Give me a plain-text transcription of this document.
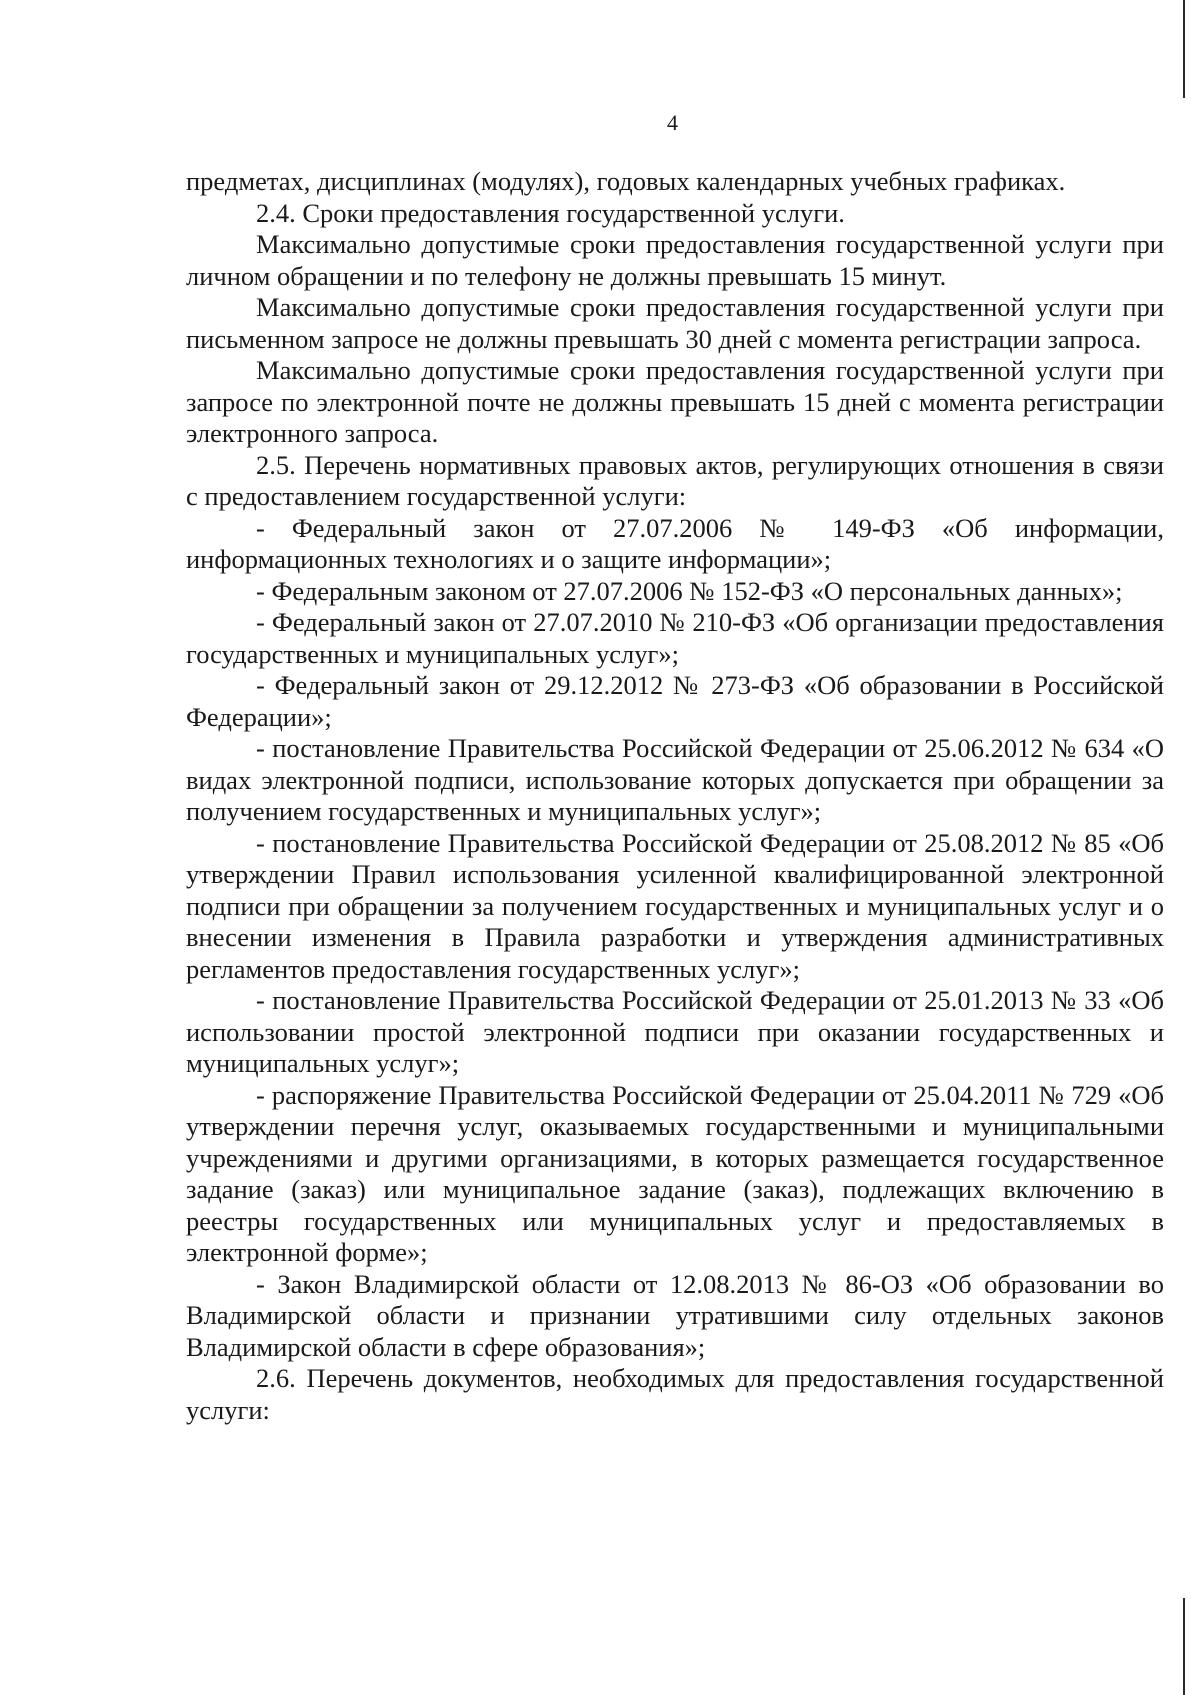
4

предметах, дисциплинах (модулях), годовых календарных учебных графиках.

2.4. Сроки предоставления государственной услуги.

Максимально допустимые сроки предоставления государственной услуги при личном обращении и по телефону не должны превышать 15 минут.

Максимально допустимые сроки предоставления государственной услуги при письменном запросе не должны превышать 30 дней с момента регистрации запроса.

Максимально допустимые сроки предоставления государственной услуги при запросе по электронной почте не должны превышать 15 дней с момента регистрации электронного запроса.

2.5. Перечень нормативных правовых актов, регулирующих отношения в связи с предоставлением государственной услуги:

- Федеральный закон от 27.07.2006 № 149-ФЗ «Об информации, информационных технологиях и о защите информации»;

- Федеральным законом от 27.07.2006 № 152-ФЗ «О персональных данных»;

- Федеральный закон от 27.07.2010 № 210-ФЗ «Об организации предоставления государственных и муниципальных услуг»;

- Федеральный закон от 29.12.2012 № 273-ФЗ «Об образовании в Российской Федерации»;

- постановление Правительства Российской Федерации от 25.06.2012 № 634 «О видах электронной подписи, использование которых допускается при обращении за получением государственных и муниципальных услуг»;

- постановление Правительства Российской Федерации от 25.08.2012 № 85 «Об утверждении Правил использования усиленной квалифицированной электронной подписи при обращении за получением государственных и муниципальных услуг и о внесении изменения в Правила разработки и утверждения административных регламентов предоставления государственных услуг»;

- постановление Правительства Российской Федерации от 25.01.2013 № 33 «Об использовании простой электронной подписи при оказании государственных и муниципальных услуг»;

- распоряжение Правительства Российской Федерации от 25.04.2011 № 729 «Об утверждении перечня услуг, оказываемых государственными и муниципальными учреждениями и другими организациями, в которых размещается государственное задание (заказ) или муниципальное задание (заказ), подлежащих включению в реестры государственных или муниципальных услуг и предоставляемых в электронной форме»;

- Закон Владимирской области от 12.08.2013 № 86-ОЗ «Об образовании во Владимирской области и признании утратившими силу отдельных законов Владимирской области в сфере образования»;

2.6. Перечень документов, необходимых для предоставления государственной услуги:
